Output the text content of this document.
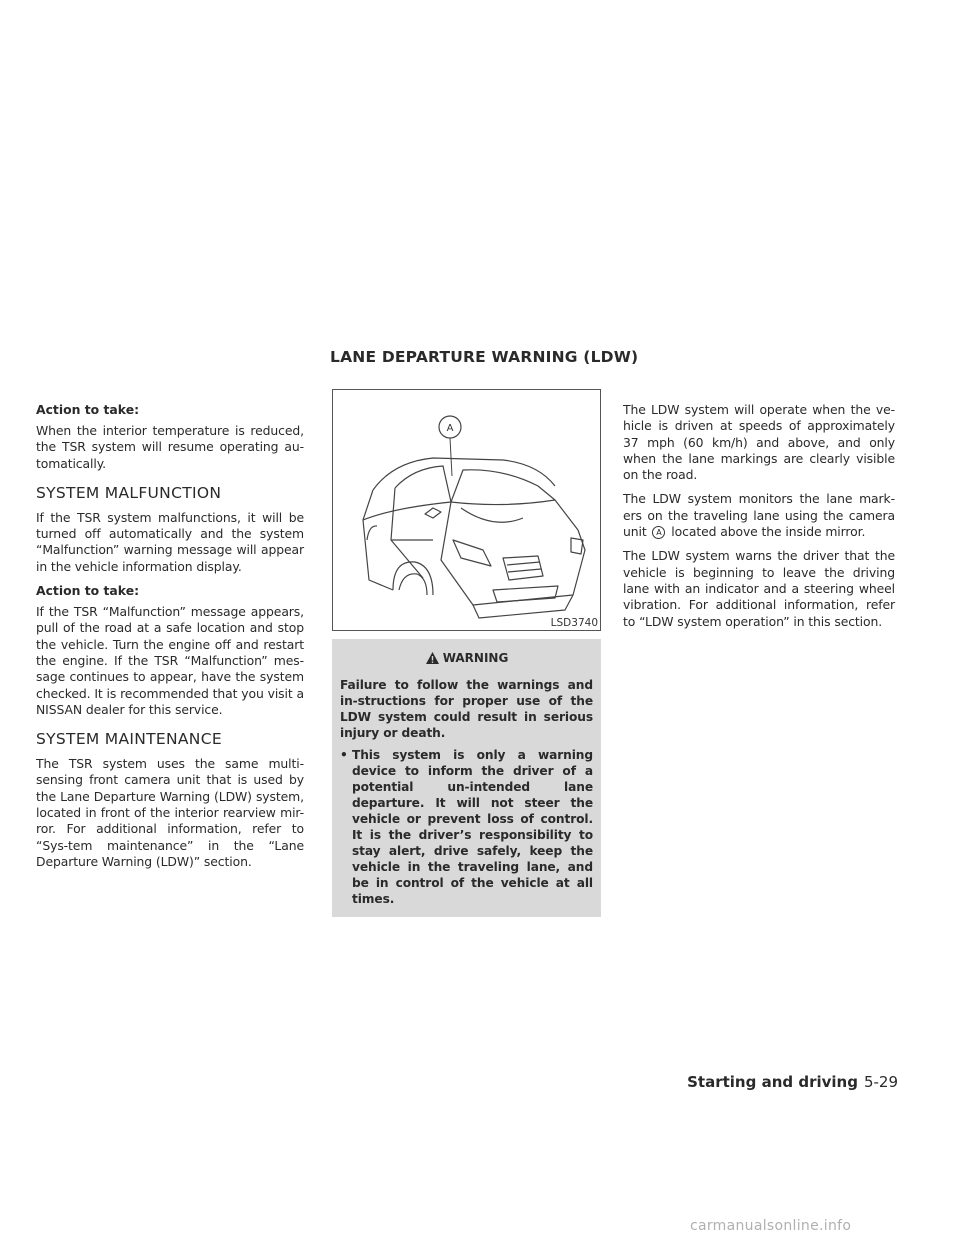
LANE DEPARTURE WARNING (LDW)
Action to take:

When the interior temperature is reduced, the TSR system will resume operating au-tomatically.

SYSTEM MALFUNCTION

If the TSR system malfunctions, it will be turned off automatically and the system “Malfunction” warning message will appear in the vehicle information display.

Action to take:

If the TSR “Malfunction” message appears, pull of the road at a safe location and stop the vehicle. Turn the engine off and restart the engine. If the TSR “Malfunction” mes-sage continues to appear, have the system checked. It is recommended that you visit a NISSAN dealer for this service.

SYSTEM MAINTENANCE

The TSR system uses the same multi-sensing front camera unit that is used by the Lane Departure Warning (LDW) system, located in front of the interior rearview mir-ror. For additional information, refer to “Sys-tem maintenance” in the “Lane Departure Warning (LDW)” section.

A
LSD3740
WARNING

Failure to follow the warnings and in-structions for proper use of the LDW system could result in serious injury or death.

• This system is only a warning device to inform the driver of a potential un-intended lane departure. It will not steer the vehicle or prevent loss of control. It is the driver’s responsibility to stay alert, drive safely, keep the vehicle in the traveling lane, and be in control of the vehicle at all times.

The LDW system will operate when the ve-hicle is driven at speeds of approximately 37 mph (60 km/h) and above, and only when the lane markings are clearly visible on the road.

The LDW system monitors the lane mark-ers on the traveling lane using the camera unit A located above the inside mirror.

The LDW system warns the driver that the vehicle is beginning to leave the driving lane with an indicator and a steering wheel vibration. For additional information, refer to “LDW system operation” in this section.

Starting and driving 5-29
carmanualsonline.info
